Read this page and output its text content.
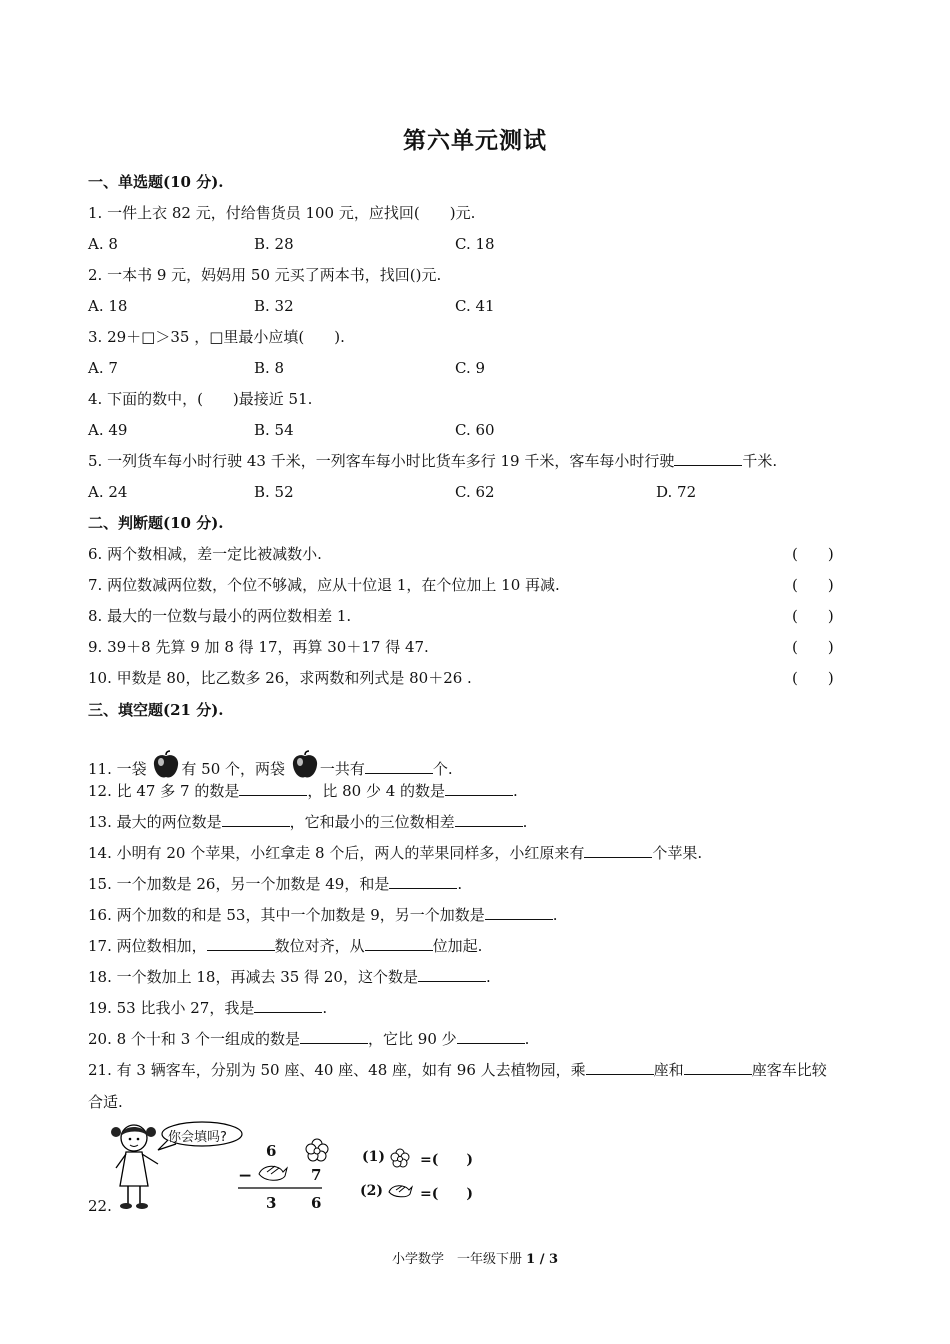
第六单元测试
一、单选题(10 分).
1. 一件上衣 82 元，付给售货员 100 元，应找回(　　)元.
A. 8	B. 28	C. 18
2. 一本书 9 元，妈妈用 50 元买了两本书，找回()元.
A. 18	B. 32	C. 41
3. 29＋□＞35 ，□里最小应填(　　).
A. 7	B. 8	C. 9
4. 下面的数中，(　　)最接近 51.
A. 49	B. 54	C. 60
5. 一列货车每小时行驶 43 千米，一列客车每小时比货车多行 19 千米，客车每小时行驶	千米.
A. 24	B. 52	C. 62	D. 72
二、判断题(10 分).
6. 两个数相减，差一定比被减数小.	(　　)
7. 两位数减两位数，个位不够减，应从十位退 1，在个位加上 10 再减.	(　　)
8. 最大的一位数与最小的两位数相差 1.	(　　)
9. 39＋8 先算 9 加 8 得 17，再算 30＋17 得 47.	(　　)
10. 甲数是 80，比乙数多 26，求两数和列式是 80＋26 .	(　　)
三、填空题(21 分).
11. 一袋 有 50 个，两袋 一共有	个.
12. 比 47 多 7 的数是	，比 80 少 4 的数是	.
13. 最大的两位数是	，它和最小的三位数相差	.
14. 小明有 20 个苹果，小红拿走 8 个后，两人的苹果同样多，小红原来有	个苹果.
15. 一个加数是 26，另一个加数是 49，和是	.
16. 两个加数的和是 53，其中一个加数是 9，另一个加数是	.
17. 两位数相加，	数位对齐，从	位加起.
18. 一个数加上 18，再减去 35 得 20，这个数是	.
19. 53 比我小 27，我是	.
20. 8 个十和 3 个一组成的数是	，它比 90 少	.
21. 有 3 辆客车，分别为 50 座、40 座、48 座，如有 96 人去植物园，乘	座和	座客车比较
合适.
22.
你会填吗?
6
−	7
3 6
(1)	=(　　)
(2)	=(　　)
小学数学　一年级下册 1 / 3
